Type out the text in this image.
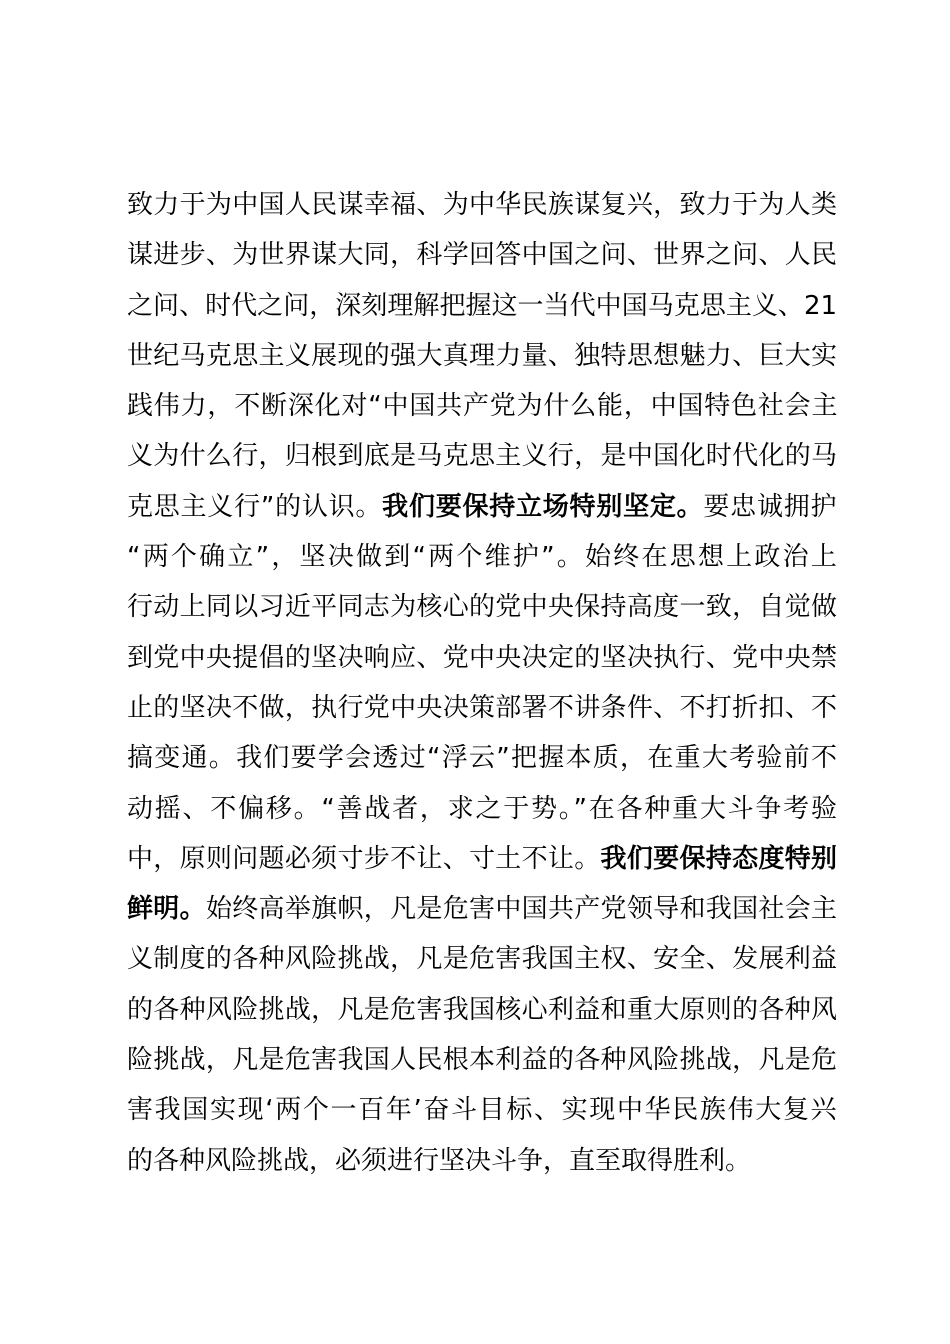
致力于为中国人民谋幸福、为中华民族谋复兴，致力于为人类
谋进步、为世界谋大同，科学回答中国之问、世界之问、人民
之问、时代之问，深刻理解把握这一当代中国马克思主义、21
世纪马克思主义展现的强大真理力量、独特思想魅力、巨大实
践伟力，不断深化对“中国共产党为什么能，中国特色社会主
义为什么行，归根到底是马克思主义行，是中国化时代化的马
克思主义行”的认识。我们要保持立场特别坚定。要忠诚拥护
“两个确立”，坚决做到“两个维护”。始终在思想上政治上
行动上同以习近平同志为核心的党中央保持高度一致，自觉做
到党中央提倡的坚决响应、党中央决定的坚决执行、党中央禁
止的坚决不做，执行党中央决策部署不讲条件、不打折扣、不
搞变通。我们要学会透过“浮云”把握本质，在重大考验前不
动摇、不偏移。“善战者，求之于势。”在各种重大斗争考验
中，原则问题必须寸步不让、寸土不让。我们要保持态度特别
鲜明。始终高举旗帜，凡是危害中国共产党领导和我国社会主
义制度的各种风险挑战，凡是危害我国主权、安全、发展利益
的各种风险挑战，凡是危害我国核心利益和重大原则的各种风
险挑战，凡是危害我国人民根本利益的各种风险挑战，凡是危
害我国实现‘两个一百年’奋斗目标、实现中华民族伟大复兴
的各种风险挑战，必须进行坚决斗争，直至取得胜利。
